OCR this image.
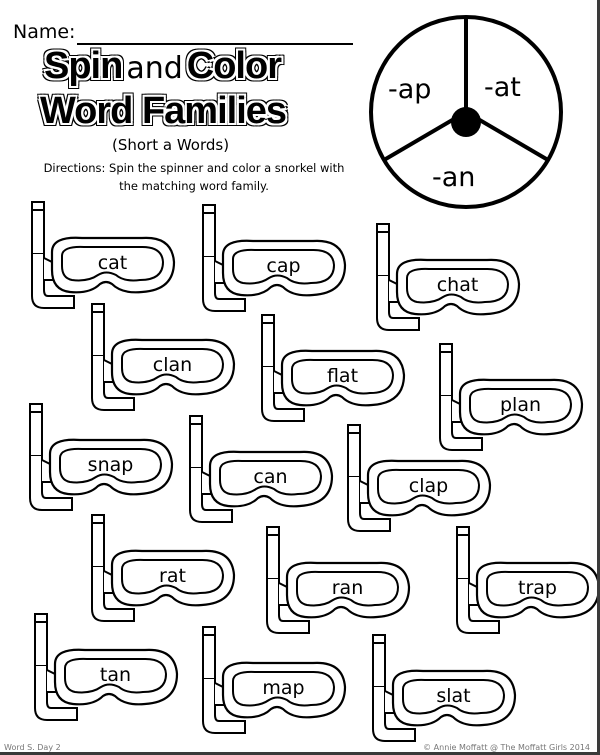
Name:
Spin and Color
Word Families
(Short a Words)
Directions: Spin the spinner and color a snorkel with the matching word family.
-ap -at
-an
cat	cap
chat
clan	flat
plan
snap
can	clap
rat
ran	trap
tan
map	slat
Word S. Day 2	© Annie Moffatt @ The Moffatt Girls 2014
